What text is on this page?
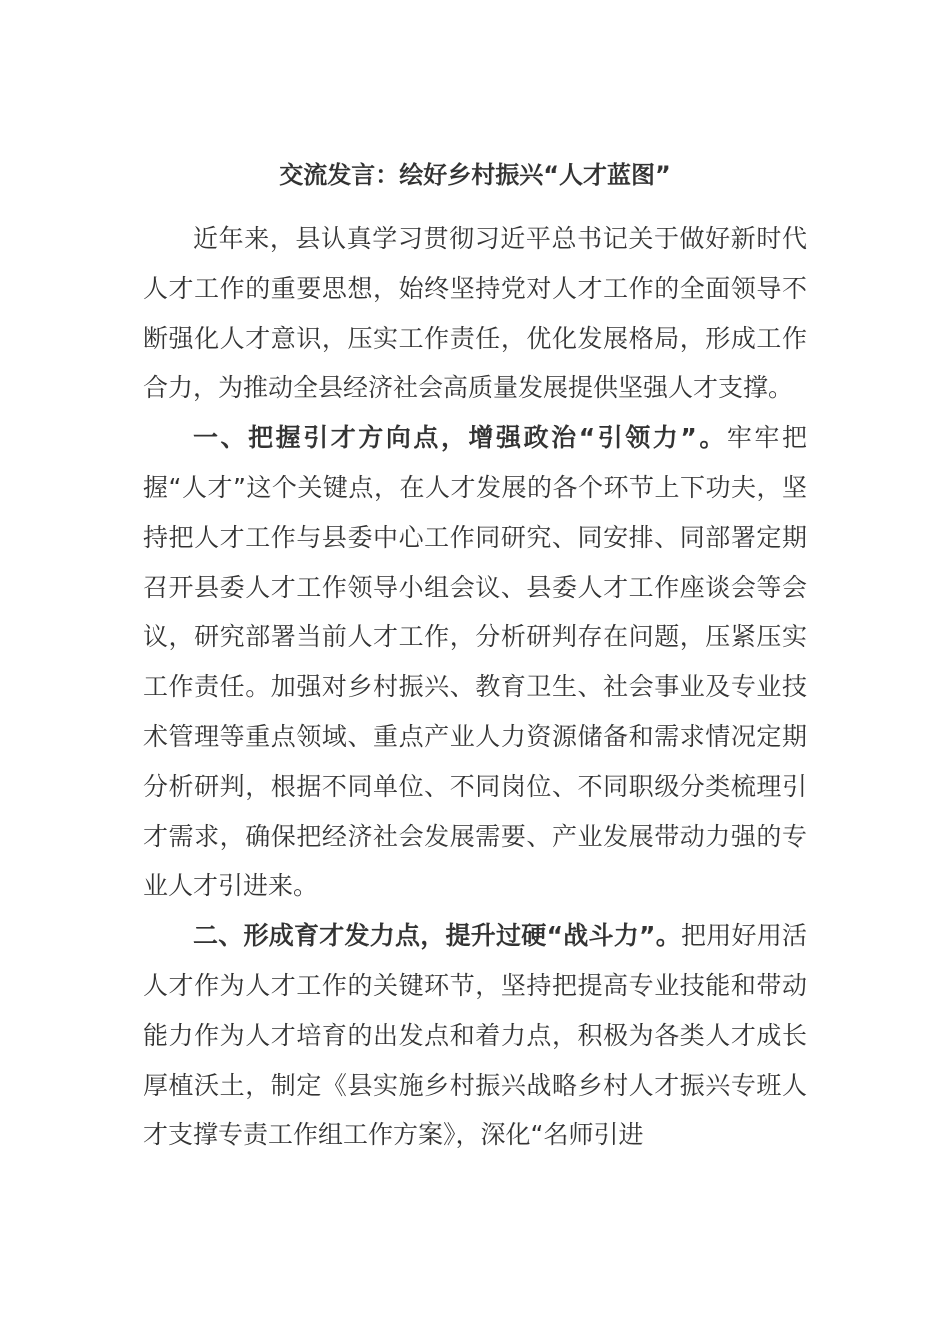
交流发言：绘好乡村振兴“人才蓝图”

近年来，县认真学习贯彻习近平总书记关于做好新时代人才工作的重要思想，始终坚持党对人才工作的全面领导不断强化人才意识，压实工作责任，优化发展格局，形成工作合力，为推动全县经济社会高质量发展提供坚强人才支撑。

一、把握引才方向点，增强政治“引领力”。牢牢把握“人才”这个关键点，在人才发展的各个环节上下功夫，坚持把人才工作与县委中心工作同研究、同安排、同部署定期召开县委人才工作领导小组会议、县委人才工作座谈会等会议，研究部署当前人才工作，分析研判存在问题，压紧压实工作责任。加强对乡村振兴、教育卫生、社会事业及专业技术管理等重点领域、重点产业人力资源储备和需求情况定期分析研判，根据不同单位、不同岗位、不同职级分类梳理引才需求，确保把经济社会发展需要、产业发展带动力强的专业人才引进来。

二、形成育才发力点，提升过硬“战斗力”。把用好用活人才作为人才工作的关键环节，坚持把提高专业技能和带动能力作为人才培育的出发点和着力点，积极为各类人才成长厚植沃土，制定《县实施乡村振兴战略乡村人才振兴专班人才支撑专责工作组工作方案》，深化“名师引进
